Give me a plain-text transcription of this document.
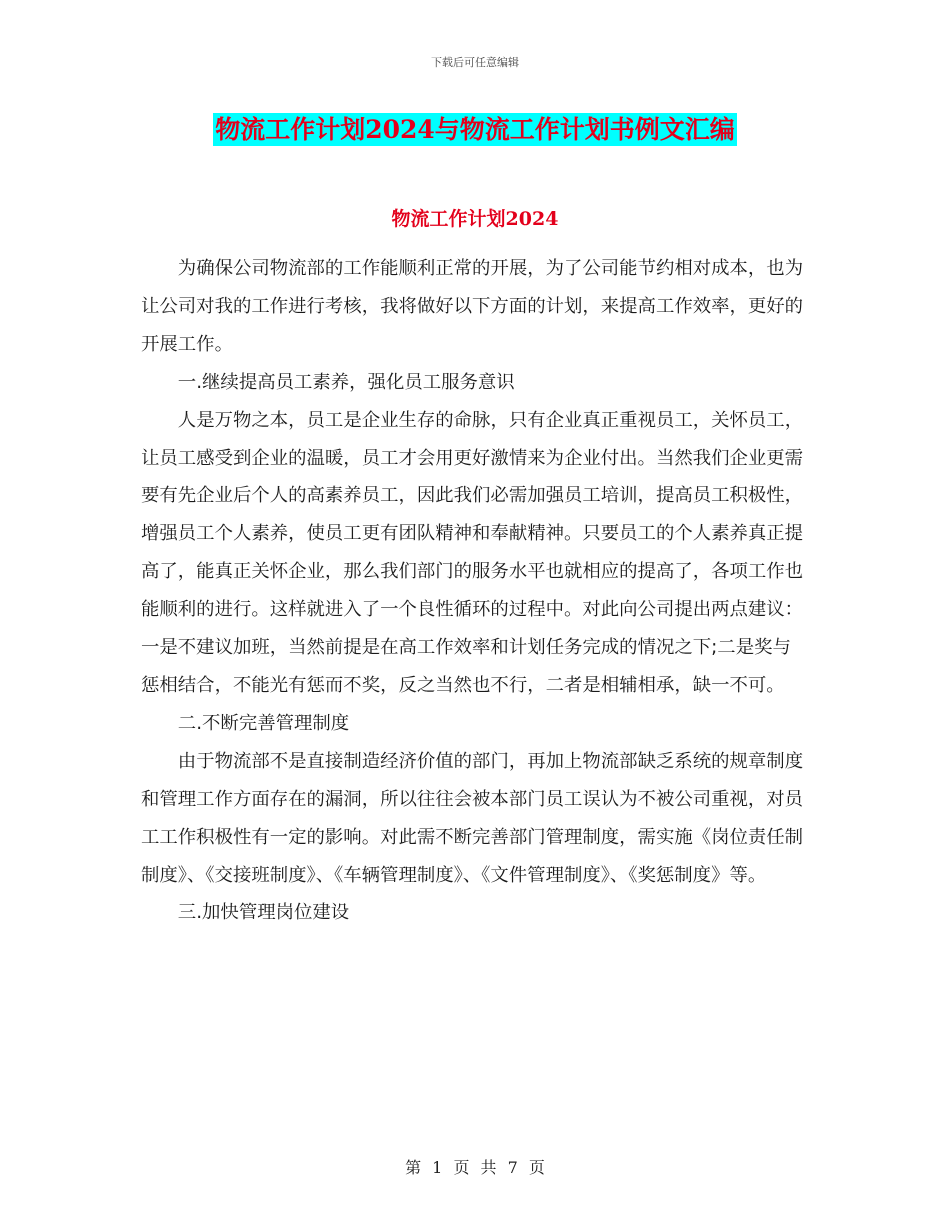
下载后可任意编辑
物流工作计划2024与物流工作计划书例文汇编
物流工作计划2024

为确保公司物流部的工作能顺利正常的开展，为了公司能节约相对成本，也为让公司对我的工作进行考核，我将做好以下方面的计划，来提高工作效率，更好的开展工作。

一.继续提高员工素养，强化员工服务意识

人是万物之本，员工是企业生存的命脉，只有企业真正重视员工，关怀员工，让员工感受到企业的温暖，员工才会用更好激情来为企业付出。当然我们企业更需要有先企业后个人的高素养员工，因此我们必需加强员工培训，提高员工积极性，增强员工个人素养，使员工更有团队精神和奉献精神。只要员工的个人素养真正提高了，能真正关怀企业，那么我们部门的服务水平也就相应的提高了，各项工作也能顺利的进行。这样就进入了一个良性循环的过程中。对此向公司提出两点建议：一是不建议加班，当然前提是在高工作效率和计划任务完成的情况之下;二是奖与惩相结合，不能光有惩而不奖，反之当然也不行，二者是相辅相承，缺一不可。

二.不断完善管理制度

由于物流部不是直接制造经济价值的部门，再加上物流部缺乏系统的规章制度和管理工作方面存在的漏洞，所以往往会被本部门员工误认为不被公司重视，对员工工作积极性有一定的影响。对此需不断完善部门管理制度，需实施《岗位责任制制度》、《交接班制度》、《车辆管理制度》、《文件管理制度》、《奖惩制度》等。

三.加快管理岗位建设

第 1 页 共 7 页
